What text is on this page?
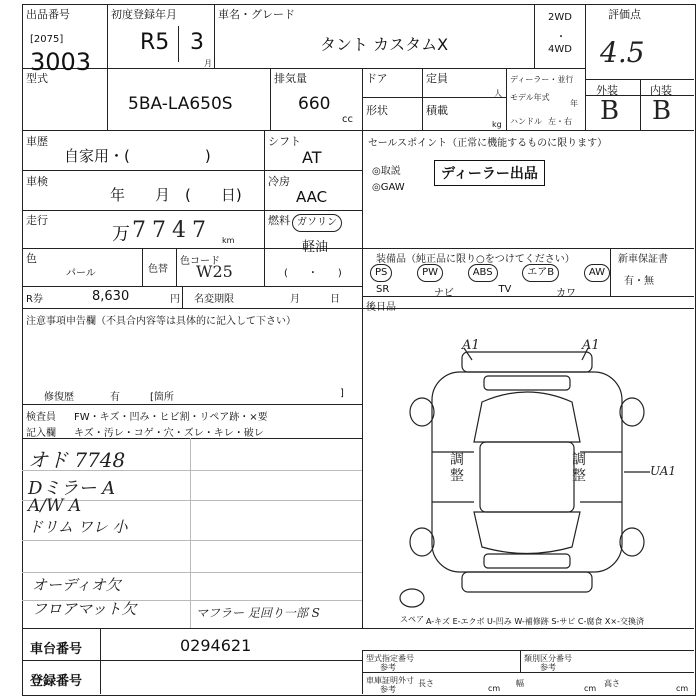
出品番号
[2075]
3003
初度登録年月
R5 3
月
車名・グレード
タント カスタムX
2WD
・
4WD
評価点
4.5
型式
5BA-LA650S
排気量
660
cc
ドア	定員
人
形状	積載
kg
ディーラー・並行
モデル年式
年
ハンドル 左・右
外装	内装
B B
車歴
自家用・(　　　　　)
シフト
AT
車検
年　　月　(　　日)
冷房
AAC
走行
万 7747 km
燃料 ガソリン
軽油
(　　・　　)
色
パール	色替
色コード
W25
R券	8,630	円 名変期限	月　　　日
注意事項申告欄（不具合内容等は具体的に記入して下さい）
修復歴	有	[箇所	]
検査員 FW・キズ・凹み・ヒビ割・リペア跡・×要
記入欄 キズ・汚レ・コゲ・穴・ズレ・キレ・破レ
オド 7748
Dミラー A
A/W A
ドリム ワレ 小
オーディオ欠
フロアマット欠	マフラー 足回り一部 S
セールスポイント（正常に機能するものに限ります）
◎取説
◎GAW
ディーラー出品
装備品（純正品に限り○をつけてください）
PS	PW	ABS	エアB	AW
SR	ナビ	TV	カワ
新車保証書
有・無
後日品
A1	A1
UA1
調整
調整
スペア A-キズ E-エクボ U-凹み W-補修跡 S-サビ C-腐食 X×-交換済
車台番号	0294621
登録番号
型式指定番号
参考
類別区分番号
参考
車庫証明外寸
参考
長さ
cm
幅
cm
高さ
cm
